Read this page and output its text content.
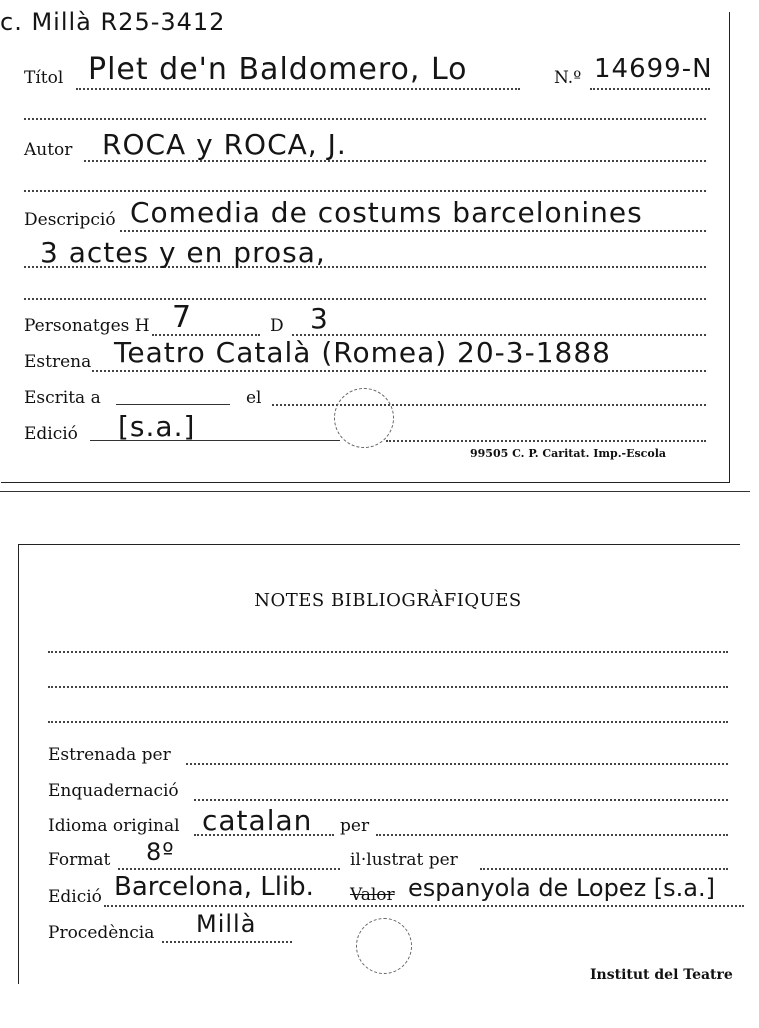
c. Millà R25-3412
Títol Plet de'n Baldomero, Lo	N.º 14699-N
Autor ROCA y ROCA, J.
Descripció Comedia de costums barcelonines
3 actes y en prosa,
Personatges H 7	D 3
Estrena Teatro Català (Romea) 20-3-1888
Escrita a	el
Edició [s.a.]
99505 C. P. Caritat. Imp.-Escola
NOTES BIBLIOGRÀFIQUES
Estrenada per
Enquadernació
Idioma original catalan per
Format 8º	il·lustrat per
Edició Barcelona, Llib. Valor espanyola de Lopez [s.a.]
Procedència Millà
Institut del Teatre
